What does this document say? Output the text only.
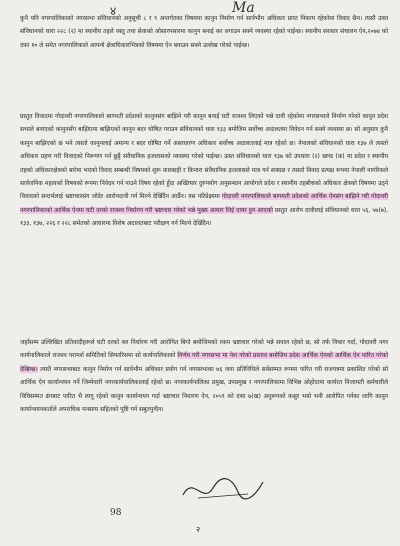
४	Ma
कुनै पनि नगरपालिकाको नगरसभा संविधानको अनुसूची ८ र ९ अन्तर्गतका विषयमा कानुन निर्माण गर्न सार्वभौम अधिकार प्राप्त निकाय रहेकोमा विवाद छैन। त्यस्तै उक्त संविधानको धारा २२८ (२) मा स्थानीय तहले वस्तु तथा सेवाको ओसारपसारमा कानुन बनाई कर लगाउन सक्ने व्यवस्था रहेको पाईन्छ। स्थानीय सरकार संचालन ऐन,२०७४ को दफा १० ले समेत नगरपालिकाले आफ्नो क्षेत्राधिकारभित्रको विषयमा ऐन बनाउन सक्ने उल्लेख गरेको पाईन्छ।
प्रस्तुत विवादमा गोदावरी नगरपालिकाले बागमती प्रदेशको कानुनसंग बाझिने गरी कानुन बनाई घटी राजश्व लिएको भन्ने दावी रहेकोमा नगरसभाले निर्माण गरेको कानुन प्रदेश सभाले बनाएको कानुनसँग बाझिएमा बाझिएको कानुन बदर घोषित गराउन संविधानको धारा १३३ बमोजिम सर्वोच्च अदालतमा निवेदन गर्न सक्ने व्यवस्था छ। सो अनुसार कुनै कानुन बाझिएको छ भने त्यस्तो कानुनलाई अमान्य र बदर घोषित गर्ने असाधारण अधिकार सर्वोच्च अदालतलाई मात्र रहेको छ। नेपालको संविधानको धारा १३७ ले त्यस्तो अधिकार ग्रहण गरी विवादको निरूपण गर्न छुट्टै संवैधानिक इजलासको व्यवस्था गरेको पाईन्छ। उक्त संविधानको धारा १३७ को उपधारा (२) खण्ड (क) मा प्रदेश र स्थानीय तहको अधिकारक्षेत्रको बारेमा भएको विवाद सम्बन्धी विषयको शुरू कारबाही र किनारा संवैधानिक इजलासले मात्र गर्न सक्दछ र त्यस्तो विवाद प्रत्यक्ष रूपमा नेपाली नागरिकले सार्वजनिक महत्वको विषयको रूपमा निवेदन गर्न पाउने विषय रहेको हुँदा अख्तियार दुरुपयोग अनुसन्धान आयोगले प्रदेश र स्थानीय तहबीचको अधिकार क्षेत्रको विषयमा उठ्ने विवादको सन्दर्भलाई भ्रष्टाचारसंग जोडेर आरोपदावी गर्न मिल्ने देखिँदैन आर्डैन। यस परिप्रेक्ष्यमा गोदावरी नगरपालिकाले बागमती प्रदेशको आर्थिक ऐनसंग बाझिने गरी गोदावरी नगरपालिकाको आर्थिक ऐनमा घटी दरको राजश्व निर्धारण गरी भ्रष्टाचार गरेको भन्ने मुख्य आधार लिई दायर हुन आएको प्रस्तुत आरोप दावीलाई संविधानको धारा ५६, ५७(७), १३३, १३७, २२६ र २२८ समेतको आधारमा विशेष अदालतबाट परीक्षण गर्न मिल्ने देखिँदैन।
जहाँसम्म उल्लिखित प्रतिवादीहरूले घटी दरको कर निर्धारण गरी आरोपित बिगो बमोजिमको रकम भ्रष्टाचार गरेको भन्ने सवाल रहेको छ, सो तर्फ विचार गर्दा, गोदावरी नगर कार्यपालिकाले राजश्व परामर्श समितिको सिफारिसमा सो कार्यपालिकाको निर्णय गरी नगरसभा मा पेश गरेको प्रस्ताव बमोजिम प्रदेश आर्थिक ऐनको आर्थिक ऐन पारित गरेको देखिन्छ। त्यस्तै नगरसभाबाट कानुन निर्माण गर्न सार्वभौम अधिकार प्रयोग गर्न नगरसभाका ७६ जना प्रतिनिधिले सर्वसम्मत रूपमा पारित गरी राजपत्रमा प्रकाशित गरेको सो आर्थिक ऐन कार्यान्वयन गर्ने जिम्मेवारी नगरकार्यपालिकालाई रहेको छ। नगरकार्यपालिका प्रमुख, उपप्रमुख र नगरपालिकामा विभिन्न ओहोदामा कार्यरत निजामती कर्मचारीले विधिसम्मत ढंगबाट पारित भै लागू रहेको कानुन कार्यान्वयन गर्दा भ्रष्टाचार निवारण ऐन, २०५९ को दफा ७(ख) अनुरूपको कसुर भयो भनी आरोपित गर्नका लागि कानुन कार्यान्वयनकर्ताले अपराधिक मनसाय सहितको पुष्टि गर्न सबुतपुग्दैन।
98
२
